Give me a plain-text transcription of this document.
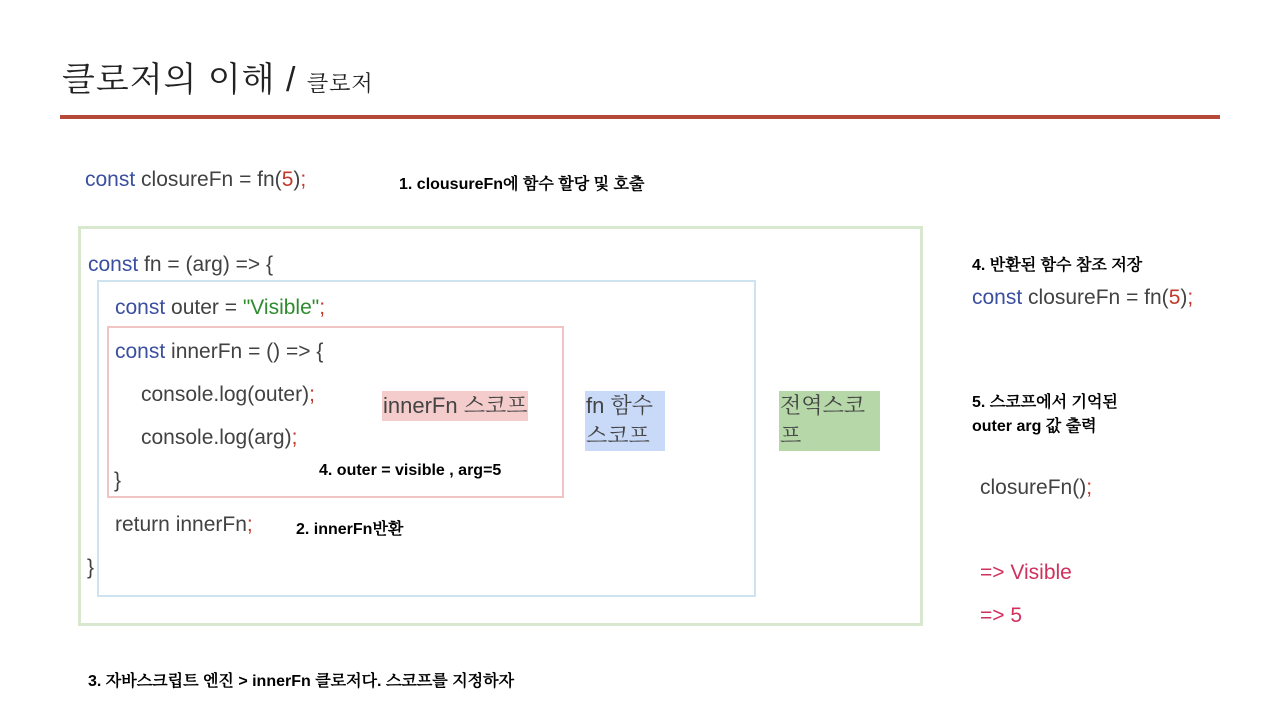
클로저의 이해 / 클로저
const closureFn = fn(5);	1. clousureFn에 함수 할당 및 호출
const fn = (arg) => {
const outer = "Visible";
const innerFn = () => {
console.log(outer);
console.log(arg);
}	4. outer = visible , arg=5
return innerFn;	2. innerFn반환
}
innerFn 스코프	fn 함수 스코프
전역스코프
4. 반환된 함수 참조 저장
const closureFn = fn(5);
5. 스코프에서 기억된
outer arg 값 출력
closureFn();
=> Visible
=> 5
3. 자바스크립트 엔진 > innerFn 클로저다. 스코프를 지정하자
